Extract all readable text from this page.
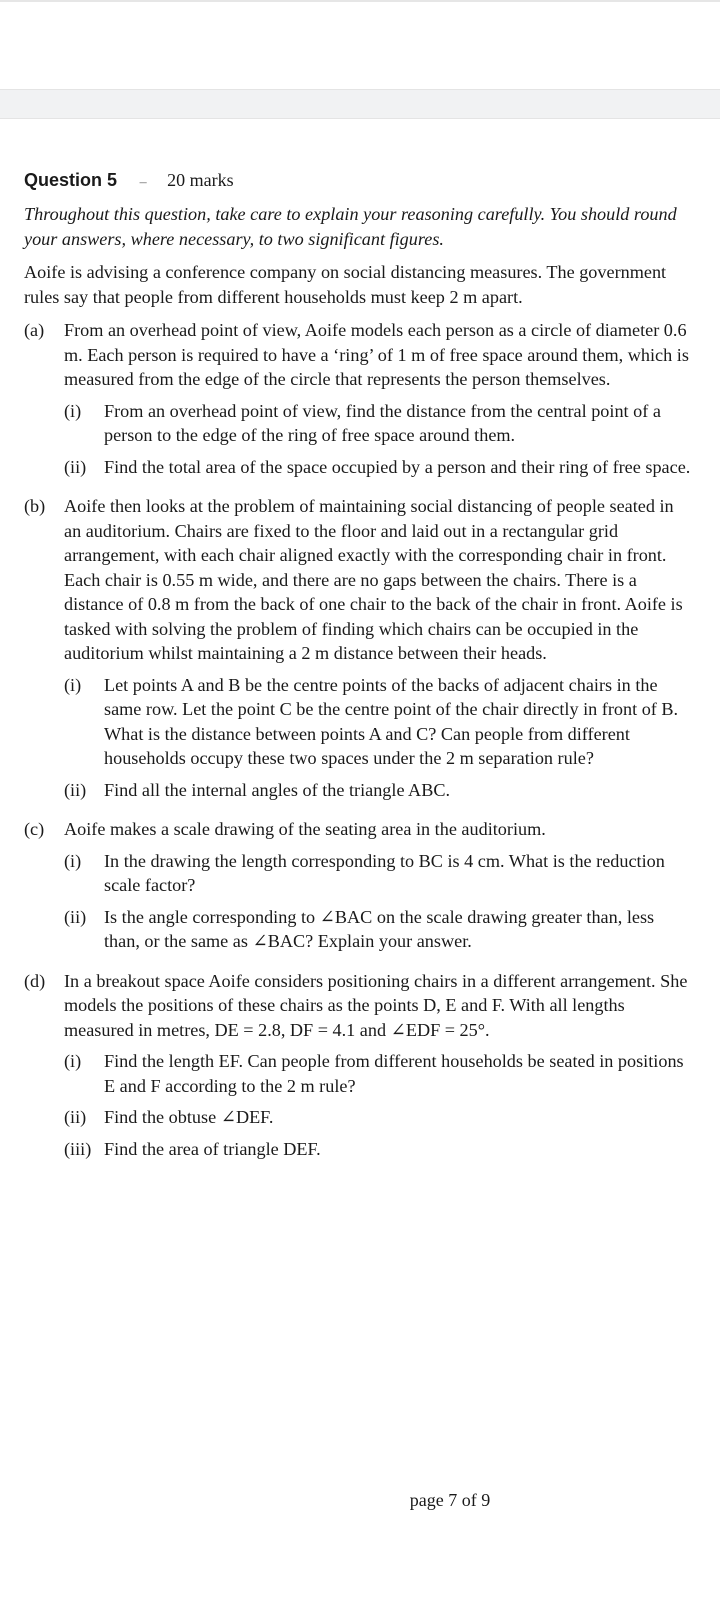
Question 5 – 20 marks

Throughout this question, take care to explain your reasoning carefully. You should round your answers, where necessary, to two significant figures.

Aoife is advising a conference company on social distancing measures. The government rules say that people from different households must keep 2 m apart.

(a)	From an overhead point of view, Aoife models each person as a circle of diameter 0.6 m. Each person is required to have a ‘ring’ of 1 m of free space around them, which is measured from the edge of the circle that represents the person themselves.

(i)	From an overhead point of view, find the distance from the central point of a person to the edge of the ring of free space around them.
(ii) Find the total area of the space occupied by a person and their ring of free space.
(b)	Aoife then looks at the problem of maintaining social distancing of people seated in an auditorium. Chairs are fixed to the floor and laid out in a rectangular grid arrangement, with each chair aligned exactly with the corresponding chair in front. Each chair is 0.55 m wide, and there are no gaps between the chairs. There is a distance of 0.8 m from the back of one chair to the back of the chair in front. Aoife is tasked with solving the problem of finding which chairs can be occupied in the auditorium whilst maintaining a 2 m distance between their heads.

(i)	Let points A and B be the centre points of the backs of adjacent chairs in the same row. Let the point C be the centre point of the chair directly in front of B. What is the distance between points A and C? Can people from different households occupy these two spaces under the 2 m separation rule?
(ii) Find all the internal angles of the triangle ABC.
(c)	Aoife makes a scale drawing of the seating area in the auditorium.

(i)	In the drawing the length corresponding to BC is 4 cm. What is the reduction scale factor?
(ii) Is the angle corresponding to ∠BAC on the scale drawing greater than, less than, or the same as ∠BAC? Explain your answer.
(d)	In a breakout space Aoife considers positioning chairs in a different arrangement. She models the positions of these chairs as the points D, E and F. With all lengths measured in metres, DE = 2.8, DF = 4.1 and ∠EDF = 25°.

(i)	Find the length EF. Can people from different households be seated in positions E and F according to the 2 m rule?
(ii) Find the obtuse ∠DEF.
(iii) Find the area of triangle DEF.
page 7 of 9
